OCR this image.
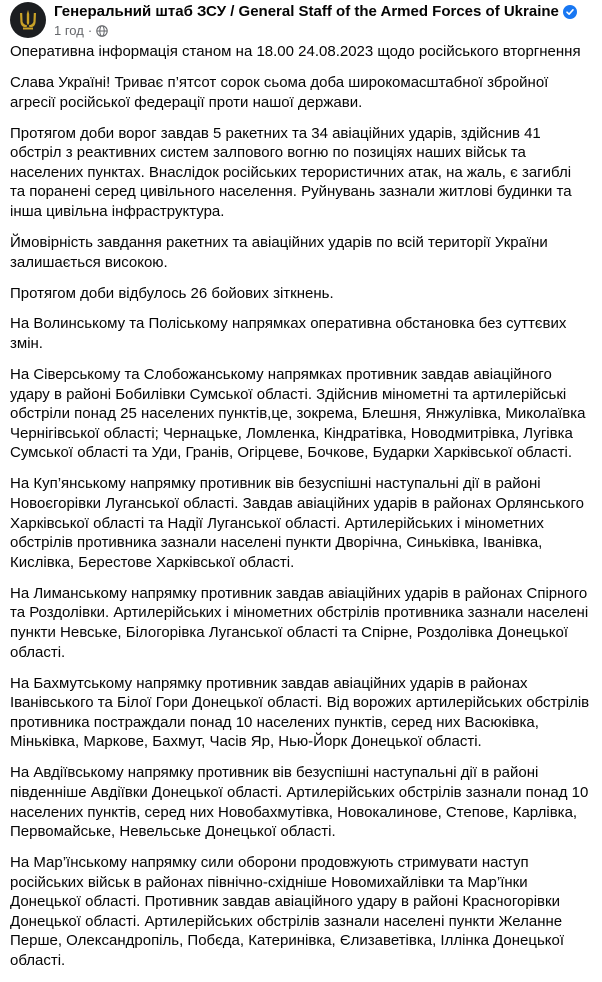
Генеральний штаб ЗСУ / General Staff of the Armed Forces of Ukraine
1 год ·

Оперативна інформація станом на 18.00 24.08.2023 щодо російського вторгнення

Слава Україні! Триває п’ятсот сорок сьома доба широкомасштабної збройної агресії російської федерації проти нашої держави.

Протягом доби ворог завдав 5 ракетних та 34 авіаційних ударів, здійснив 41 обстріл з реактивних систем залпового вогню по позиціях наших військ та населених пунктах. Внаслідок російських терористичних атак, на жаль, є загиблі та поранені серед цивільного населення. Руйнувань зазнали житлові будинки та інша цивільна інфраструктура.

Ймовірність завдання ракетних та авіаційних ударів по всій території України залишається високою.

Протягом доби відбулось 26 бойових зіткнень.

На Волинському та Поліському напрямках оперативна обстановка без суттєвих змін.

На Сіверському та Слобожанському напрямках противник завдав авіаційного удару в районі Бобилівки Сумської області. Здійснив мінометні та артилерійські обстріли понад 25 населених пунктів,це, зокрема, Блешня, Янжулівка, Миколаївка Чернігівської області; Чернацьке, Ломленка, Кіндратівка, Новодмитрівка, Лугівка Сумської області та Уди, Гранів, Огірцеве, Бочкове, Бударки Харківської області.

На Куп’янському напрямку противник вів безуспішні наступальні дії в районі Новоєгорівки Луганської області. Завдав авіаційних ударів в районах Орлянського Харківської області та Надії Луганської області. Артилерійських і мінометних обстрілів противника зазнали населені пункти Дворічна, Синьківка, Іванівка, Кислівка, Берестове Харківської області.

На Лиманському напрямку противник завдав авіаційних ударів в районах Спірного та Роздолівки. Артилерійських і мінометних обстрілів противника зазнали населені пункти Невське, Білогорівка Луганської області та Спірне, Роздолівка Донецької області.

На Бахмутському напрямку противник завдав авіаційних ударів в районах Іванівського та Білої Гори Донецької області. Від ворожих артилерійських обстрілів противника постраждали понад 10 населених пунктів, серед них Васюківка, Міньківка, Маркове, Бахмут, Часів Яр, Нью-Йорк Донецької області.

На Авдіївському напрямку противник вів безуспішні наступальні дії в районі південніше Авдіївки Донецької області. Артилерійських обстрілів зазнали понад 10 населених пунктів, серед них Новобахмутівка, Новокалинове, Степове, Карлівка, Первомайське, Невельське Донецької області.

На Мар’їнському напрямку сили оборони продовжують стримувати наступ російських військ в районах північно-східніше Новомихайлівки та Мар’їнки Донецької області. Противник завдав авіаційного удару в районі Красногорівки Донецької області. Артилерійських обстрілів зазнали населені пункти Желанне Перше, Олександропіль, Побєда, Катеринівка, Єлизаветівка, Іллінка Донецької області.
